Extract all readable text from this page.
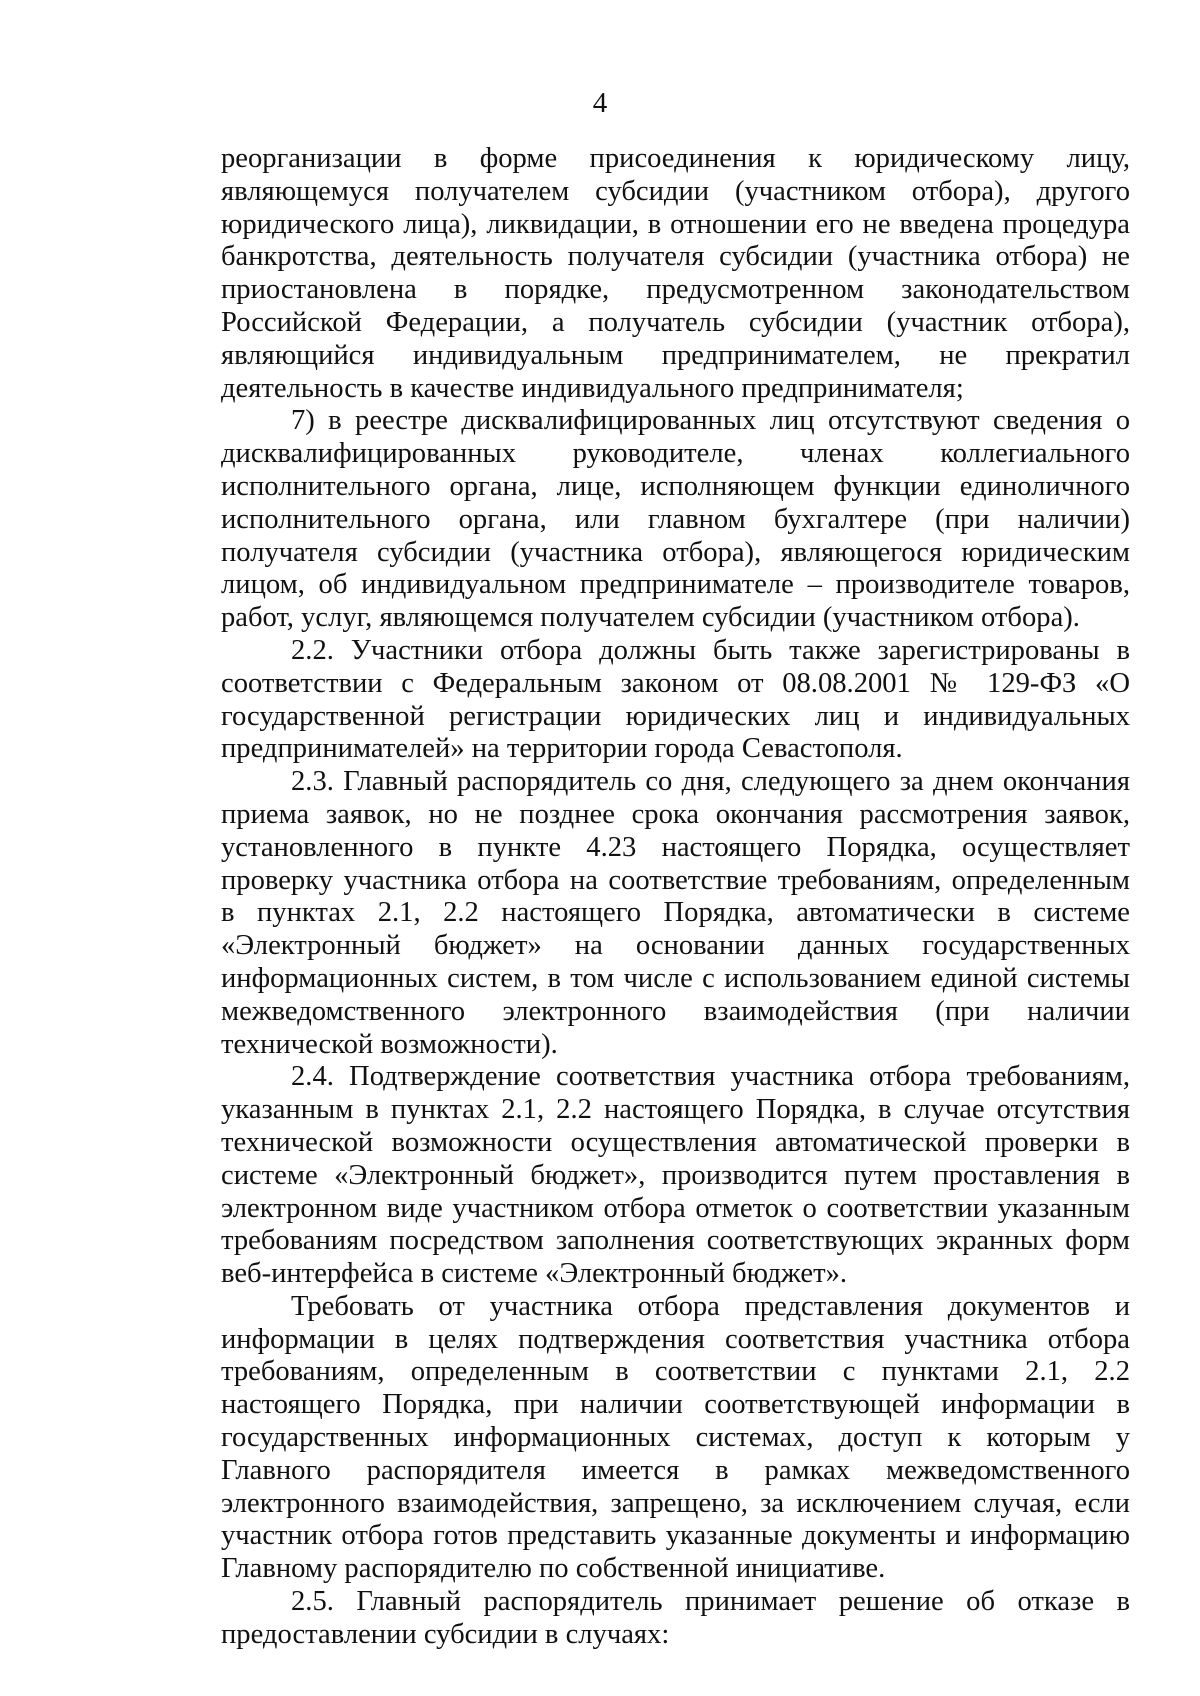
4

реорганизации в форме присоединения к юридическому лицу, являющемуся получателем субсидии (участником отбора), другого юридического лица), ликвидации, в отношении его не введена процедура банкротства, деятельность получателя субсидии (участника отбора) не приостановлена в порядке, предусмотренном законодательством Российской Федерации, а получатель субсидии (участник отбора), являющийся индивидуальным предпринимателем, не прекратил деятельность в качестве индивидуального предпринимателя;

7) в реестре дисквалифицированных лиц отсутствуют сведения о дисквалифицированных руководителе, членах коллегиального исполнительного органа, лице, исполняющем функции единоличного исполнительного органа, или главном бухгалтере (при наличии) получателя субсидии (участника отбора), являющегося юридическим лицом, об индивидуальном предпринимателе – производителе товаров, работ, услуг, являющемся получателем субсидии (участником отбора).

2.2. Участники отбора должны быть также зарегистрированы в соответствии с Федеральным законом от 08.08.2001 № 129-ФЗ «О государственной регистрации юридических лиц и индивидуальных предпринимателей» на территории города Севастополя.

2.3. Главный распорядитель со дня, следующего за днем окончания приема заявок, но не позднее срока окончания рассмотрения заявок, установленного в пункте 4.23 настоящего Порядка, осуществляет проверку участника отбора на соответствие требованиям, определенным в пунктах 2.1, 2.2 настоящего Порядка, автоматически в системе «Электронный бюджет» на основании данных государственных информационных систем, в том числе с использованием единой системы межведомственного электронного взаимодействия (при наличии технической возможности).

2.4. Подтверждение соответствия участника отбора требованиям, указанным в пунктах 2.1, 2.2 настоящего Порядка, в случае отсутствия технической возможности осуществления автоматической проверки в системе «Электронный бюджет», производится путем проставления в электронном виде участником отбора отметок о соответствии указанным требованиям посредством заполнения соответствующих экранных форм веб-интерфейса в системе «Электронный бюджет».

Требовать от участника отбора представления документов и информации в целях подтверждения соответствия участника отбора требованиям, определенным в соответствии с пунктами 2.1, 2.2 настоящего Порядка, при наличии соответствующей информации в государственных информационных системах, доступ к которым у Главного распорядителя имеется в рамках межведомственного электронного взаимодействия, запрещено, за исключением случая, если участник отбора готов представить указанные документы и информацию Главному распорядителю по собственной инициативе.

2.5. Главный распорядитель принимает решение об отказе в предоставлении субсидии в случаях:
